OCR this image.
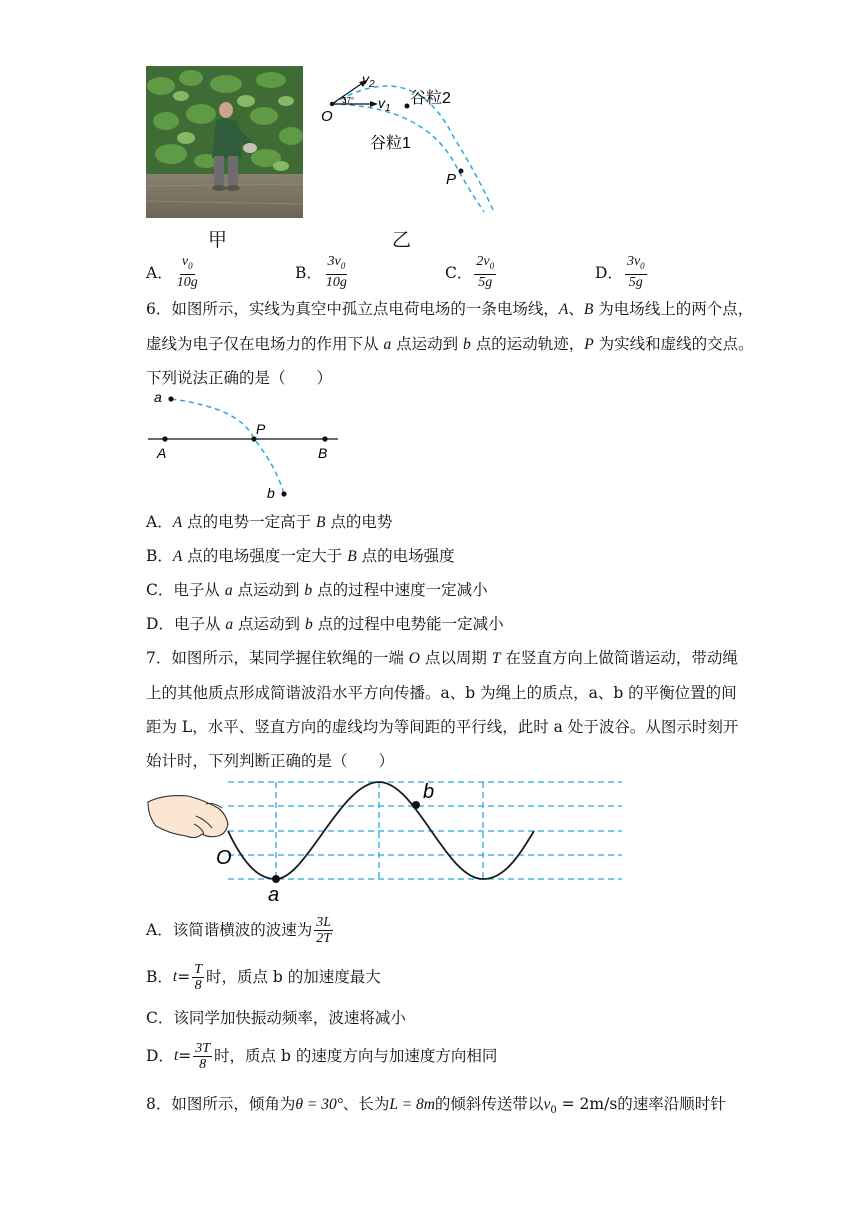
甲
$v_2$
$v_1$
37°
O
谷粒2
谷粒1
P
乙
A． $\frac{v_0}{10g}$	B． $\frac{3v_0}{10g}$	C． $\frac{2v_0}{5g}$	D． $\frac{3v_0}{5g}$
6．如图所示，实线为真空中孤立点电荷电场的一条电场线，A、B 为电场线上的两个点，
虚线为电子仅在电场力的作用下从 a 点运动到 b 点的运动轨迹，P 为实线和虚线的交点。
下列说法正确的是（　　）
a
P
A	B
b
A．A 点的电势一定高于 B 点的电势
B．A 点的电场强度一定大于 B 点的电场强度
C．电子从 a 点运动到 b 点的过程中速度一定减小
D．电子从 a 点运动到 b 点的过程中电势能一定减小
7．如图所示，某同学握住软绳的一端 O 点以周期 T 在竖直方向上做简谐运动，带动绳
上的其他质点形成简谐波沿水平方向传播。a、b 为绳上的质点，a、b 的平衡位置的间
距为 L，水平、竖直方向的虚线均为等间距的平行线，此时 a 处于波谷。从图示时刻开
始计时，下列判断正确的是（　　）
O
a
b
A．该简谐横波的波速为 $\frac{3L}{2T}$
B． $t = \frac{T}{8}$ 时，质点 b 的加速度最大
C．该同学加快振动频率，波速将减小
D． $t = \frac{3T}{8}$ 时，质点 b 的速度方向与加速度方向相同
8．如图所示，倾角为θ = 30°、长为L = 8m的倾斜传送带以$v_0 = 2m/s$的速率沿顺时针
